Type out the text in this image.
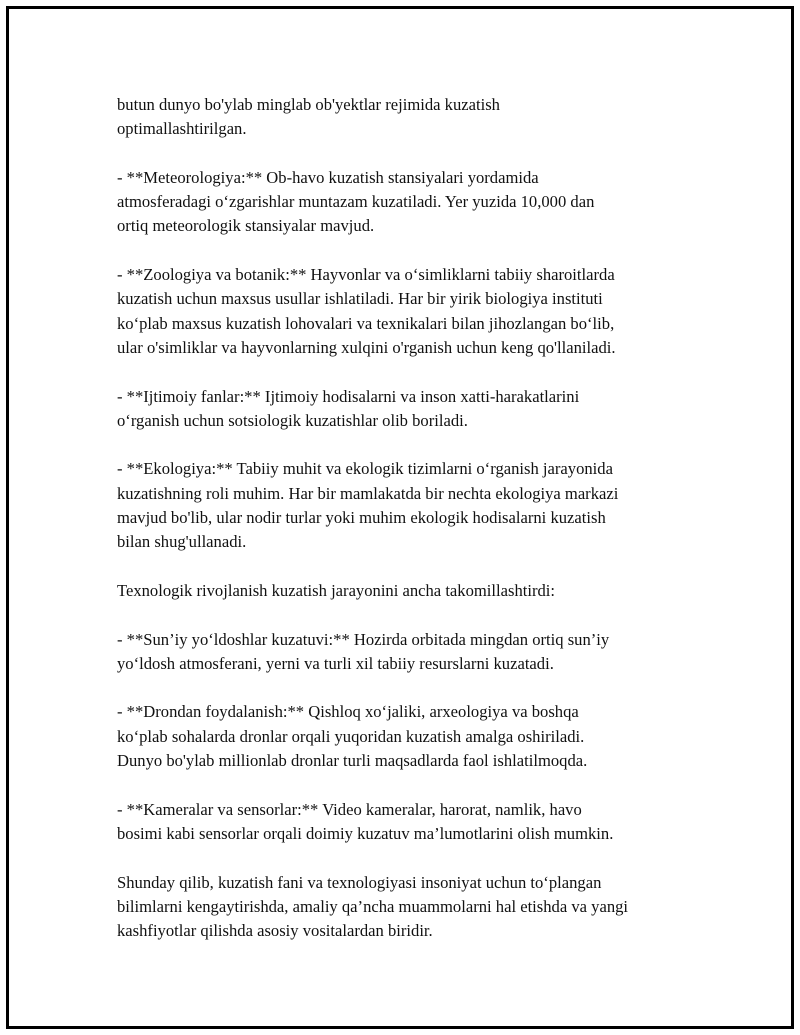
butun dunyo bo'ylab minglab ob'yektlar rejimida kuzatish
optimallashtirilgan.

- **Meteorologiya:** Ob-havo kuzatish stansiyalari yordamida
atmosferadagi o‘zgarishlar muntazam kuzatiladi. Yer yuzida 10,000 dan
ortiq meteorologik stansiyalar mavjud.

- **Zoologiya va botanik:** Hayvonlar va o‘simliklarni tabiiy sharoitlarda
kuzatish uchun maxsus usullar ishlatiladi. Har bir yirik biologiya instituti
ko‘plab maxsus kuzatish lohovalari va texnikalari bilan jihozlangan bo‘lib,
ular o'simliklar va hayvonlarning xulqini o'rganish uchun keng qo'llaniladi.

- **Ijtimoiy fanlar:** Ijtimoiy hodisalarni va inson xatti-harakatlarini
o‘rganish uchun sotsiologik kuzatishlar olib boriladi.

- **Ekologiya:** Tabiiy muhit va ekologik tizimlarni o‘rganish jarayonida
kuzatishning roli muhim. Har bir mamlakatda bir nechta ekologiya markazi
mavjud bo'lib, ular nodir turlar yoki muhim ekologik hodisalarni kuzatish
bilan shug'ullanadi.

Texnologik rivojlanish kuzatish jarayonini ancha takomillashtirdi:

- **Sun’iy yo‘ldoshlar kuzatuvi:** Hozirda orbitada mingdan ortiq sun’iy
yo‘ldosh atmosferani, yerni va turli xil tabiiy resurslarni kuzatadi.

- **Drondan foydalanish:** Qishloq xo‘jaliki, arxeologiya va boshqa
ko‘plab sohalarda dronlar orqali yuqoridan kuzatish amalga oshiriladi.
Dunyo bo'ylab millionlab dronlar turli maqsadlarda faol ishlatilmoqda.

- **Kameralar va sensorlar:** Video kameralar, harorat, namlik, havo
bosimi kabi sensorlar orqali doimiy kuzatuv ma’lumotlarini olish mumkin.

Shunday qilib, kuzatish fani va texnologiyasi insoniyat uchun to‘plangan
bilimlarni kengaytirishda, amaliy qa’ncha muammolarni hal etishda va yangi
kashfiyotlar qilishda asosiy vositalardan biridir.
